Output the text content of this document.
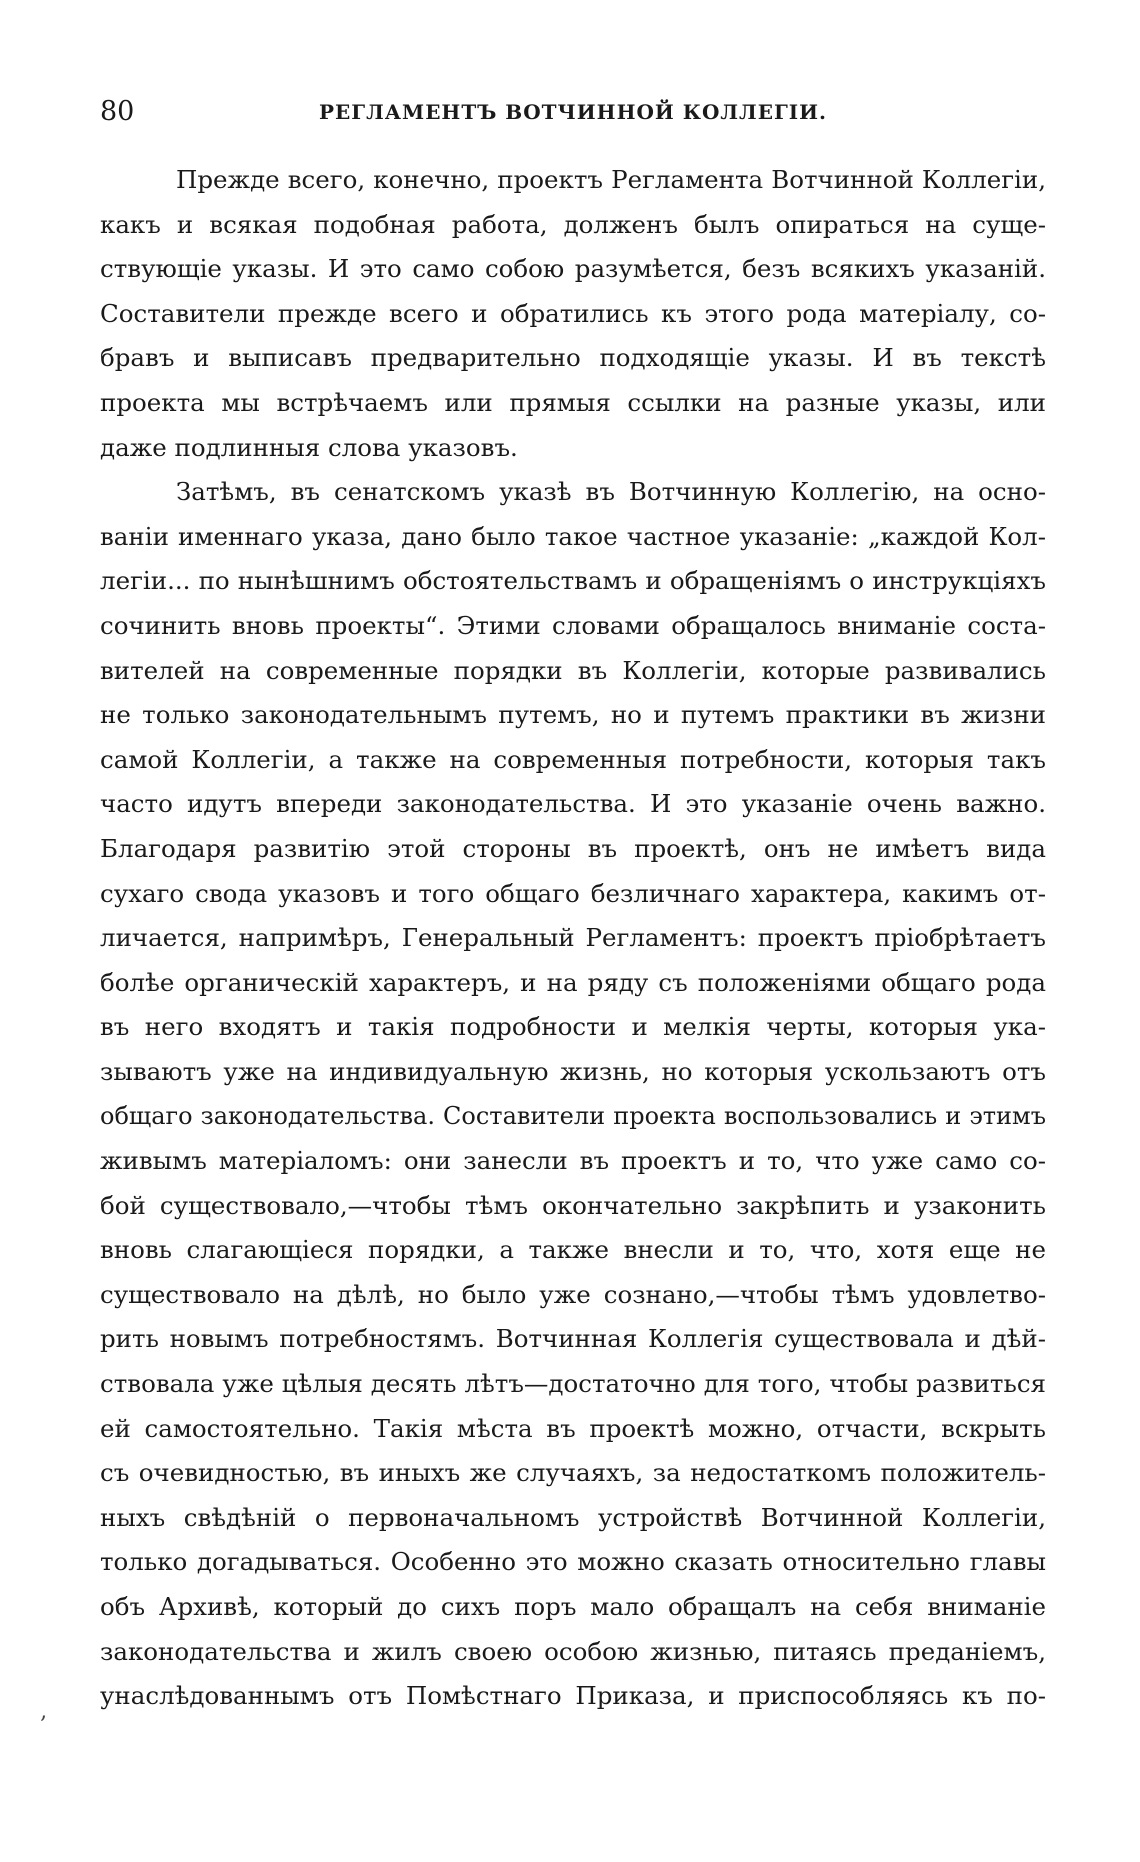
80	РЕГЛАМЕНТЪ ВОТЧИННОЙ КОЛЛЕГІИ.
Прежде всего, конечно, проектъ Регламента Вотчинной Коллегіи,
какъ и всякая подобная работа, долженъ былъ опираться на суще-
ствующіе указы. И это само собою разумѣется, безъ всякихъ указаній.
Составители прежде всего и обратились къ этого рода матеріалу, со-
бравъ и выписавъ предварительно подходящіе указы. И въ текстѣ
проекта мы встрѣчаемъ или прямыя ссылки на разные указы, или
даже подлинныя слова указовъ.
Затѣмъ, въ сенатскомъ указѣ въ Вотчинную Коллегію, на осно-
ваніи именнаго указа, дано было такое частное указаніе: „каждой Кол-
легіи... по нынѣшнимъ обстоятельствамъ и обращеніямъ о инструкціяхъ
сочинить вновь проекты“. Этими словами обращалось вниманіе соста-
вителей на современные порядки въ Коллегіи, которые развивались
не только законодательнымъ путемъ, но и путемъ практики въ жизни
самой Коллегіи, а также на современныя потребности, которыя такъ
часто идутъ впереди законодательства. И это указаніе очень важно.
Благодаря развитію этой стороны въ проектѣ, онъ не имѣетъ вида
сухаго свода указовъ и того общаго безличнаго характера, какимъ от-
личается, напримѣръ, Генеральный Регламентъ: проектъ пріобрѣтаетъ
болѣе органическій характеръ, и на ряду съ положеніями общаго рода
въ него входятъ и такія подробности и мелкія черты, которыя ука-
зываютъ уже на индивидуальную жизнь, но которыя ускользаютъ отъ
общаго законодательства. Составители проекта воспользовались и этимъ
живымъ матеріаломъ: они занесли въ проектъ и то, что уже само со-
бой существовало,—чтобы тѣмъ окончательно закрѣпить и узаконить
вновь слагающіеся порядки, а также внесли и то, что, хотя еще не
существовало на дѣлѣ, но было уже сознано,—чтобы тѣмъ удовлетво-
рить новымъ потребностямъ. Вотчинная Коллегія существовала и дѣй-
ствовала уже цѣлыя десять лѣтъ—достаточно для того, чтобы развиться
ей самостоятельно. Такія мѣста въ проектѣ можно, отчасти, вскрыть
съ очевидностью, въ иныхъ же случаяхъ, за недостаткомъ положитель-
ныхъ свѣдѣній о первоначальномъ устройствѣ Вотчинной Коллегіи,
только догадываться. Особенно это можно сказать относительно главы
объ Архивѣ, который до сихъ поръ мало обращалъ на себя вниманіе
законодательства и жилъ своею особою жизнью, питаясь преданіемъ,
унаслѣдованнымъ отъ Помѣстнаго Приказа, и приспособляясь къ по-
‚
